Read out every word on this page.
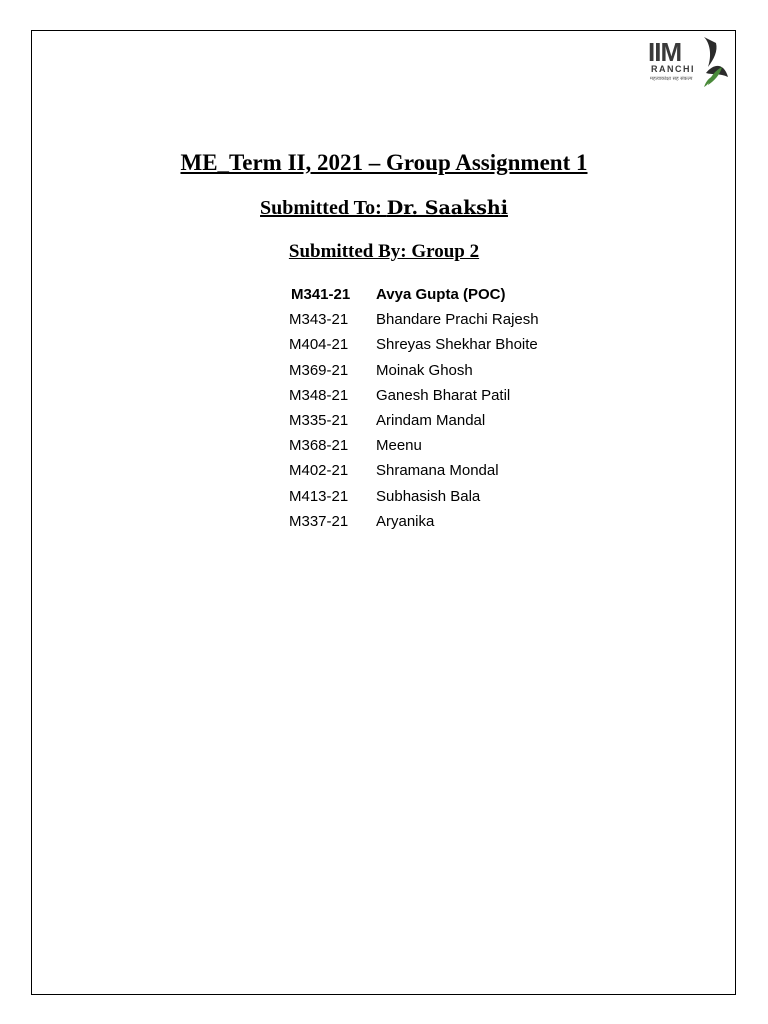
IIM
RANCHI
महत्वाकांक्षा सह संकल्प
ME_Term II, 2021 – Group Assignment 1
Submitted To: Dr. Saakshi
Submitted By: Group 2
M341-21	Avya Gupta (POC)
M343-21	Bhandare Prachi Rajesh
M404-21	Shreyas Shekhar Bhoite
M369-21	Moinak Ghosh
M348-21	Ganesh Bharat Patil
M335-21	Arindam Mandal
M368-21	Meenu
M402-21	Shramana Mondal
M413-21	Subhasish Bala
M337-21	Aryanika
